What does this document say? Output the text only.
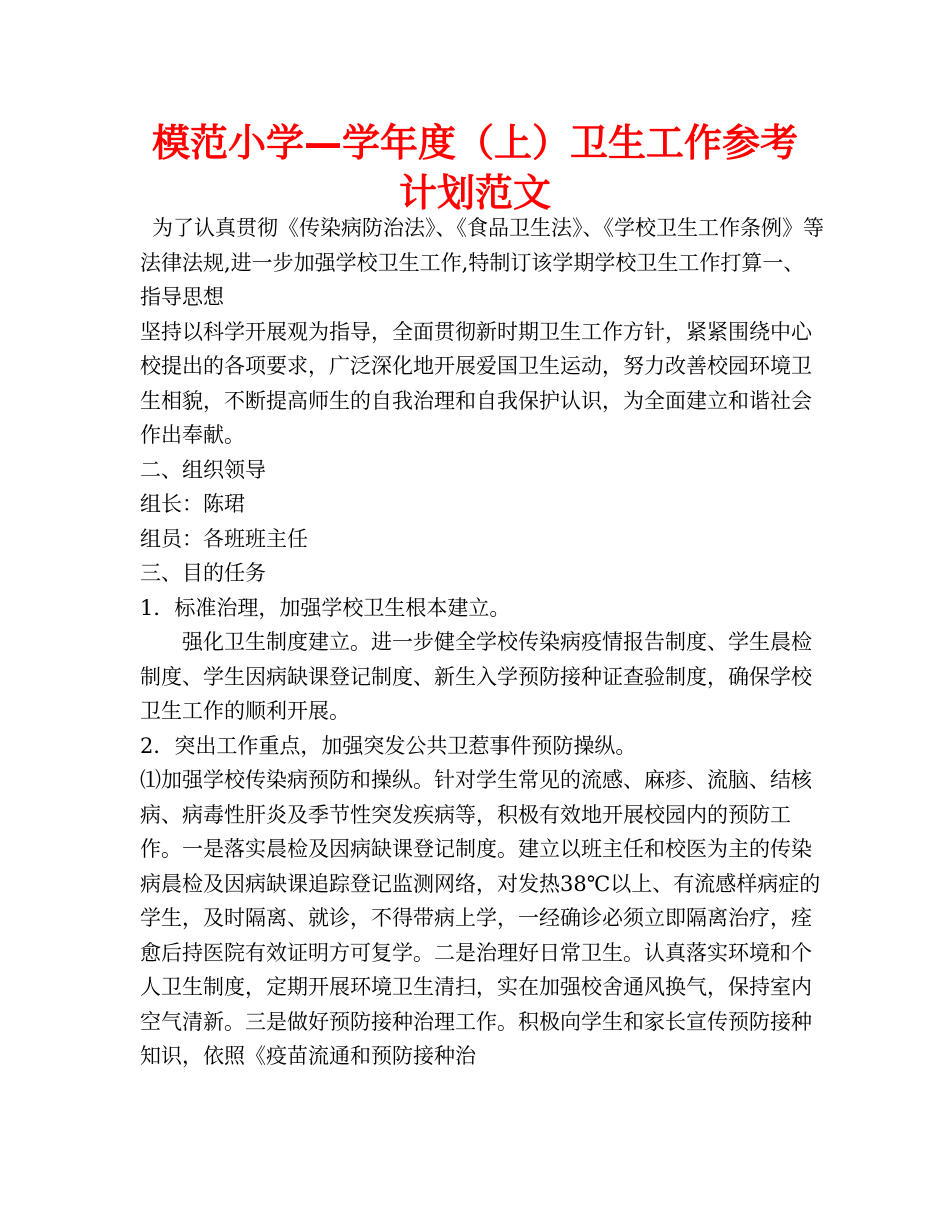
模范小学—学年度（上）卫生工作参考计划范文

为了认真贯彻《传染病防治法》、《食品卫生法》、《学校卫生工作条例》等法律法规,进一步加强学校卫生工作,特制订该学期学校卫生工作打算一、指导思想

坚持以科学开展观为指导，全面贯彻新时期卫生工作方针，紧紧围绕中心校提出的各项要求，广泛深化地开展爱国卫生运动，努力改善校园环境卫生相貌，不断提高师生的自我治理和自我保护认识，为全面建立和谐社会作出奉献。

二、组织领导

组长：陈珺

组员：各班班主任

三、目的任务

1．标准治理，加强学校卫生根本建立。

强化卫生制度建立。进一步健全学校传染病疫情报告制度、学生晨检制度、学生因病缺课登记制度、新生入学预防接种证查验制度，确保学校卫生工作的顺利开展。

2．突出工作重点，加强突发公共卫惹事件预防操纵。

⑴加强学校传染病预防和操纵。针对学生常见的流感、麻疹、流脑、结核病、病毒性肝炎及季节性突发疾病等，积极有效地开展校园内的预防工作。一是落实晨检及因病缺课登记制度。建立以班主任和校医为主的传染病晨检及因病缺课追踪登记监测网络，对发热38℃以上、有流感样病症的学生，及时隔离、就诊，不得带病上学，一经确诊必须立即隔离治疗，痊愈后持医院有效证明方可复学。二是治理好日常卫生。认真落实环境和个人卫生制度，定期开展环境卫生清扫，实在加强校舍通风换气，保持室内空气清新。三是做好预防接种治理工作。积极向学生和家长宣传预防接种知识，依照《疫苗流通和预防接种治
